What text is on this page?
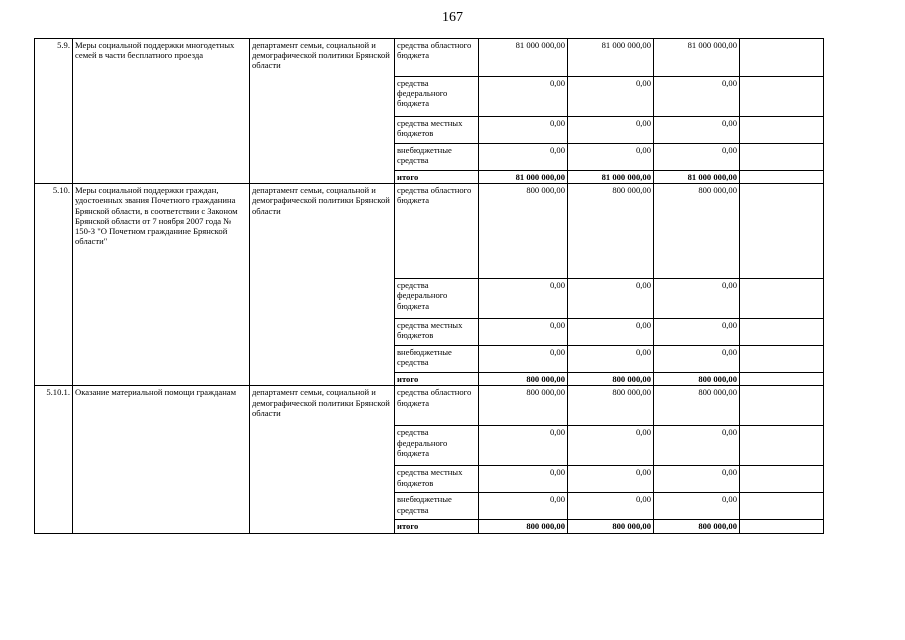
167
5.9.	Меры социальной поддержки многодетных семей в части бесплатного проезда	департамент семьи, социальной и демографической политики Брянской области	средства областного бюджета	81 000 000,00	81 000 000,00	81 000 000,00	
			средства федерального бюджета	0,00	0,00	0,00	
			средства местных бюджетов	0,00	0,00	0,00	
			внебюджетные средства	0,00	0,00	0,00	
			итого	81 000 000,00	81 000 000,00	81 000 000,00	
5.10.	Меры социальной поддержки граждан, удостоенных звания Почетного гражданина Брянской области, в соответствии с Законом Брянской области от 7 ноября 2007 года № 150-З "О Почетном гражданине Брянской области"	департамент семьи, социальной и демографической политики Брянской области	средства областного бюджета	800 000,00	800 000,00	800 000,00	
			средства федерального бюджета	0,00	0,00	0,00	
			средства местных бюджетов	0,00	0,00	0,00	
			внебюджетные средства	0,00	0,00	0,00	
			итого	800 000,00	800 000,00	800 000,00	
5.10.1.	Оказание материальной помощи гражданам	департамент семьи, социальной и демографической политики Брянской области	средства областного бюджета	800 000,00	800 000,00	800 000,00	
			средства федерального бюджета	0,00	0,00	0,00	
			средства местных бюджетов	0,00	0,00	0,00	
			внебюджетные средства	0,00	0,00	0,00	
			итого	800 000,00	800 000,00	800 000,00	
